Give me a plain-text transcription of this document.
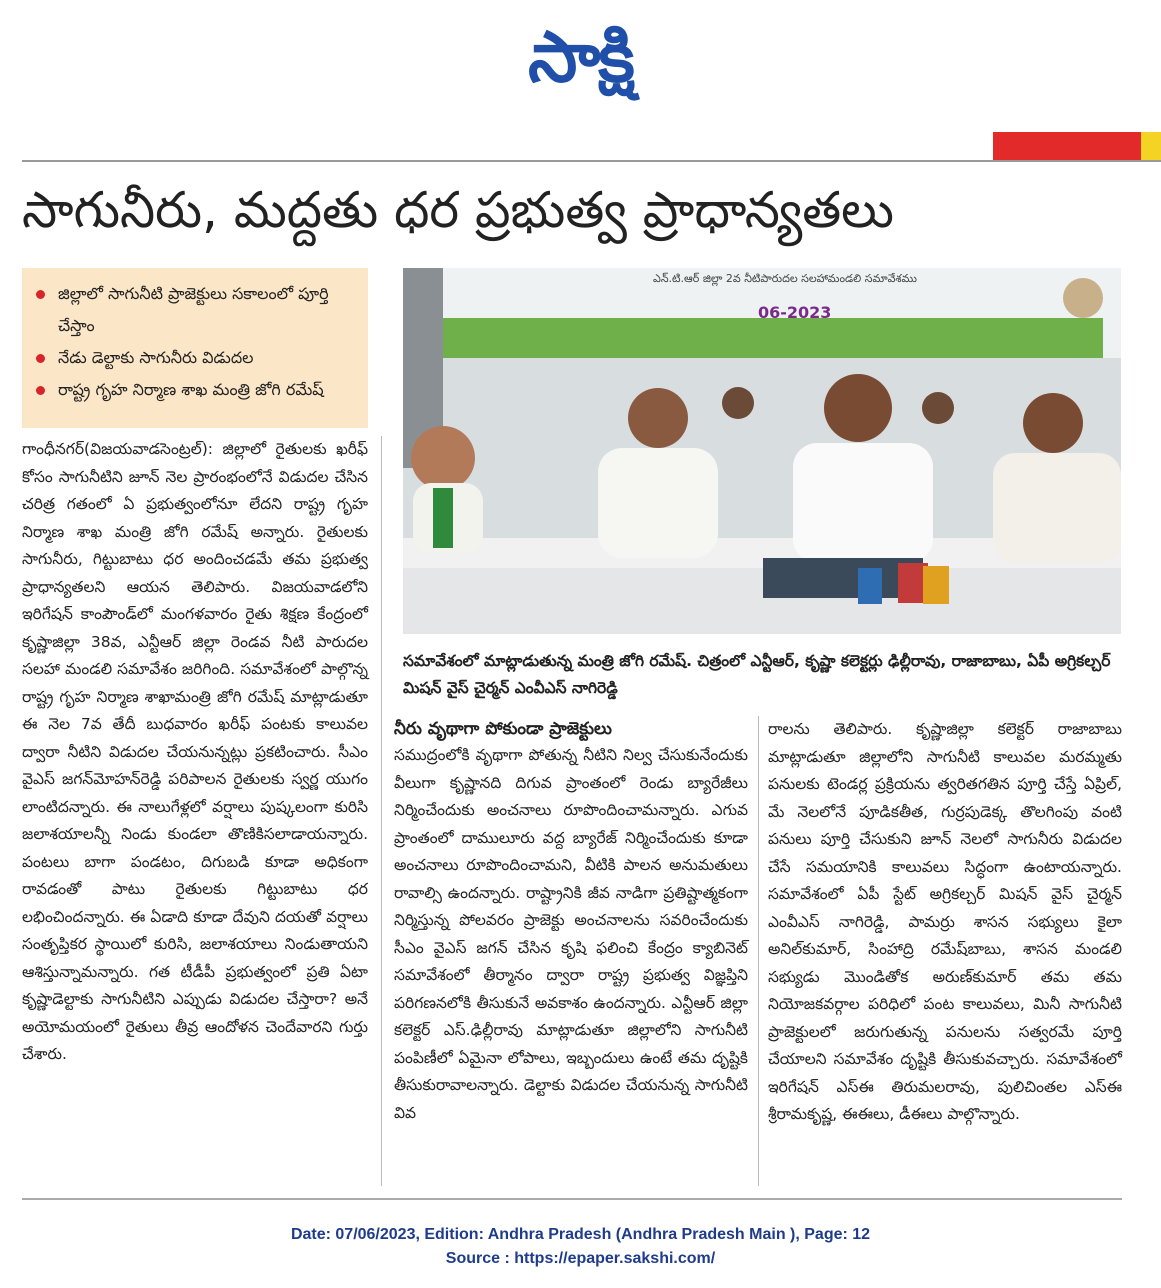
సాక్షి
సాగునీరు, మద్దతు ధర ప్రభుత్వ ప్రాధాన్యతలు
జిల్లాలో సాగునీటి ప్రాజెక్టులు సకాలంలో పూర్తి చేస్తాం
నేడు డెల్టాకు సాగునీరు విడుదల
రాష్ట్ర గృహ నిర్మాణ శాఖ మంత్రి జోగి రమేష్
ఎన్.టి.ఆర్ జిల్లా 2వ నీటిపారుదల సలహామండలి సమావేశము
06-2023
సమావేశంలో మాట్లాడుతున్న మంత్రి జోగి రమేష్. చిత్రంలో ఎన్టీఆర్, కృష్ణా కలెక్టర్లు ఢిల్లీరావు, రాజాబాబు, ఏపీ అగ్రికల్చర్ మిషన్ వైస్ చైర్మన్ ఎంవీఎస్ నాగిరెడ్డి

గాంధీనగర్(విజయవాడసెంట్రల్): జిల్లాలో రైతులకు ఖరీఫ్ కోసం సాగునీటిని జూన్ నెల ప్రారంభంలోనే విడుదల చేసిన చరిత్ర గతంలో ఏ ప్రభుత్వంలోనూ లేదని రాష్ట్ర గృహ నిర్మాణ శాఖ మంత్రి జోగి రమేష్ అన్నారు. రైతులకు సాగునీరు, గిట్టుబాటు ధర అందించడమే తమ ప్రభుత్వ ప్రాధాన్యతలని ఆయన తెలిపారు. విజయవాడలోని ఇరిగేషన్ కాంపౌండ్‌లో మంగళవారం రైతు శిక్షణ కేంద్రంలో కృష్ణాజిల్లా 38వ, ఎన్టీఆర్ జిల్లా రెండవ నీటి పారుదల సలహా మండలి సమావేశం జరిగింది. సమావేశంలో పాల్గొన్న రాష్ట్ర గృహ నిర్మాణ శాఖామంత్రి జోగి రమేష్ మాట్లాడుతూ ఈ నెల 7వ తేదీ బుధవారం ఖరీఫ్ పంటకు కాలువల ద్వారా నీటిని విడుదల చేయనున్నట్లు ప్రకటించారు. సీఎం వైఎస్ జగన్‌మోహన్‌రెడ్డి పరిపాలన రైతులకు స్వర్ణ యుగం లాంటిదన్నారు. ఈ నాలుగేళ్లలో వర్షాలు పుష్కలంగా కురిసి జలాశయాలన్నీ నిండు కుండలా తొణికిసలాడాయన్నారు. పంటలు బాగా పండటం, దిగుబడి కూడా అధికంగా రావడంతో పాటు రైతులకు గిట్టుబాటు ధర లభించిందన్నారు. ఈ ఏడాది కూడా దేవుని దయతో వర్షాలు సంతృప్తికర స్థాయిలో కురిసి, జలాశయాలు నిండుతాయని ఆశిస్తున్నామన్నారు. గత టీడీపీ ప్రభుత్వంలో ప్రతి ఏటా కృష్ణాడెల్టాకు సాగునీటిని ఎప్పుడు విడుదల చేస్తారా? అనే అయోమయంలో రైతులు తీవ్ర ఆందోళన చెందేవారని గుర్తు చేశారు.

నీరు వృథాగా పోకుండా ప్రాజెక్టులు

సముద్రంలోకి వృథాగా పోతున్న నీటిని నిల్వ చేసుకునేందుకు వీలుగా కృష్ణానది దిగువ ప్రాంతంలో రెండు బ్యారేజీలు నిర్మించేందుకు అంచనాలు రూపొందించామన్నారు. ఎగువ ప్రాంతంలో దాములూరు వద్ద బ్యారేజ్ నిర్మించేందుకు కూడా అంచనాలు రూపొందించామని, వీటికి పాలన అనుమతులు రావాల్సి ఉందన్నారు. రాష్ట్రానికి జీవ నాడిగా ప్రతిష్టాత్మకంగా నిర్మిస్తున్న పోలవరం ప్రాజెక్టు అంచనాలను సవరించేందుకు సీఎం వైఎస్ జగన్ చేసిన కృషి ఫలించి కేంద్రం క్యాబినెట్ సమావేశంలో తీర్మానం ద్వారా రాష్ట్ర ప్రభుత్వ విజ్ఞప్తిని పరిగణనలోకి తీసుకునే అవకాశం ఉందన్నారు. ఎన్టీఆర్ జిల్లా కలెక్టర్ ఎస్.ఢిల్లీరావు మాట్లాడుతూ జిల్లాలోని సాగునీటి పంపిణీలో ఏమైనా లోపాలు, ఇబ్బందులు ఉంటే తమ దృష్టికి తీసుకురావాలన్నారు. డెల్టాకు విడుదల చేయనున్న సాగునీటి వివ

రాలను తెలిపారు. కృష్ణాజిల్లా కలెక్టర్ రాజాబాబు మాట్లాడుతూ జిల్లాలోని సాగునీటి కాలువల మరమ్మతు పనులకు టెండర్ల ప్రక్రియను త్వరితగతిన పూర్తి చేస్తే ఏప్రిల్, మే నెలలోనే పూడికతీత, గుర్రపుడెక్క తొలగింపు వంటి పనులు పూర్తి చేసుకుని జూన్ నెలలో సాగునీరు విడుదల చేసే సమయానికి కాలువలు సిద్ధంగా ఉంటాయన్నారు. సమావేశంలో ఏపీ స్టేట్ అగ్రికల్చర్ మిషన్ వైస్ చైర్మన్ ఎంవీఎస్ నాగిరెడ్డి, పామర్రు శాసన సభ్యులు కైలా అనిల్‌కుమార్, సింహాద్రి రమేష్‌బాబు, శాసన మండలి సభ్యుడు మొండితోక అరుణ్‌కుమార్ తమ తమ నియోజకవర్గాల పరిధిలో పంట కాలువలు, మినీ సాగునీటి ప్రాజెక్టులలో జరుగుతున్న పనులను సత్వరమే పూర్తి చేయాలని సమావేశం దృష్టికి తీసుకువచ్చారు. సమావేశంలో ఇరిగేషన్ ఎస్ఈ తిరుమలరావు, పులిచింతల ఎస్ఈ శ్రీరామకృష్ణ, ఈఈలు, డీఈలు పాల్గొన్నారు.

Date: 07/06/2023, Edition: Andhra Pradesh (Andhra Pradesh Main ), Page: 12
Source : https://epaper.sakshi.com/
